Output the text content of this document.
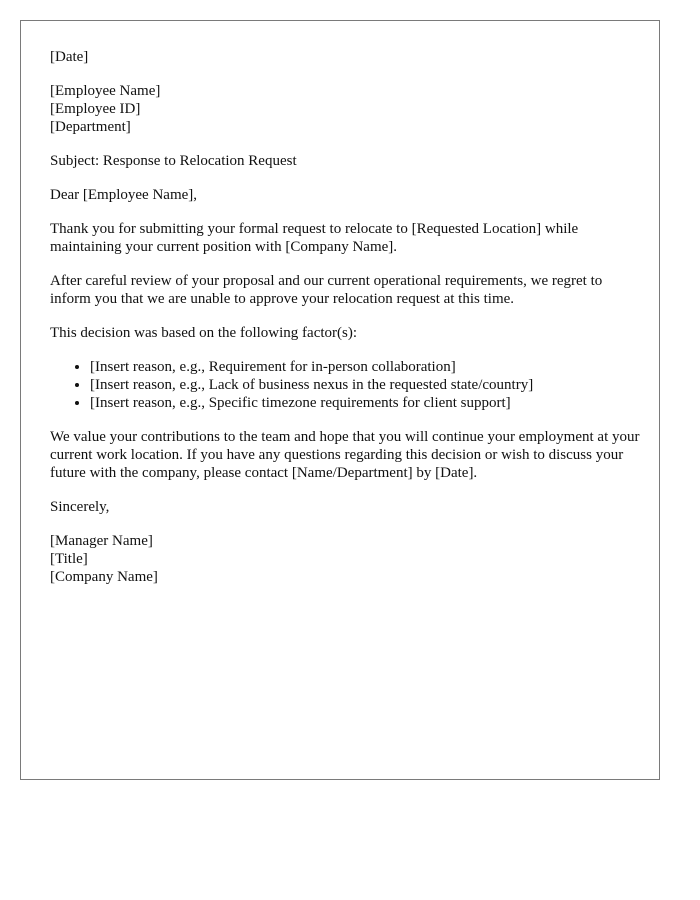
[Date]
[Employee Name]
[Employee ID]
[Department]

Subject: Response to Relocation Request

Dear [Employee Name],

Thank you for submitting your formal request to relocate to [Requested Location] while maintaining your current position with [Company Name].

After careful review of your proposal and our current operational requirements, we regret to inform you that we are unable to approve your relocation request at this time.

This decision was based on the following factor(s):

• [Insert reason, e.g., Requirement for in-person collaboration]
• [Insert reason, e.g., Lack of business nexus in the requested state/country]
• [Insert reason, e.g., Specific timezone requirements for client support]

We value your contributions to the team and hope that you will continue your employment at your current work location. If you have any questions regarding this decision or wish to discuss your future with the company, please contact [Name/Department] by [Date].

Sincerely,

[Manager Name]
[Title]
[Company Name]
